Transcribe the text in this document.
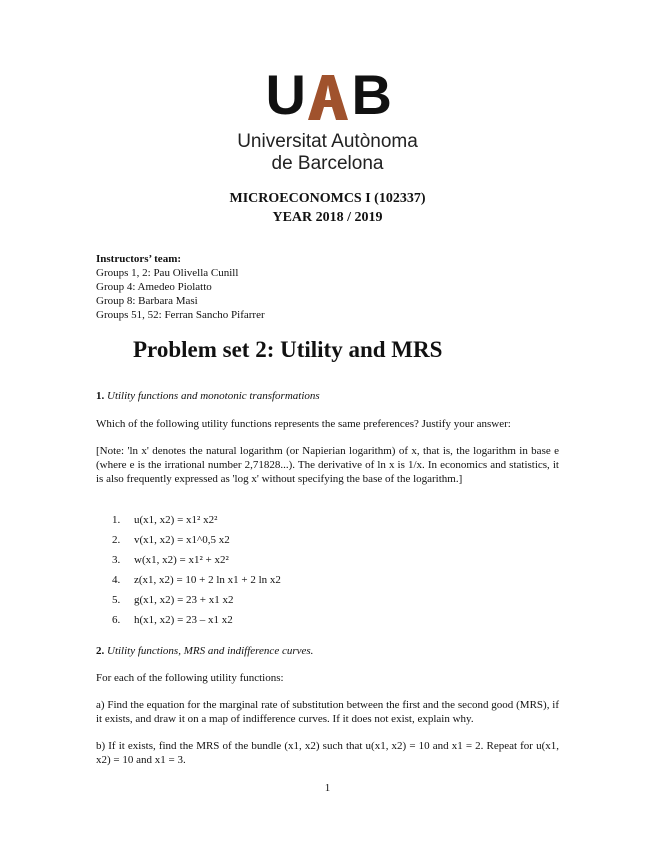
U B
Universitat Autònoma
de Barcelona
MICROECONOMCS I (102337)
YEAR 2018 / 2019
Instructors’ team:
Groups 1, 2: Pau Olivella Cunill
Group 4: Amedeo Piolatto
Group 8: Barbara Masi
Groups 51, 52: Ferran Sancho Pifarrer
Problem set 2: Utility and MRS
1. Utility functions and monotonic transformations
Which of the following utility functions represents the same preferences? Justify your answer:
[Note: 'ln x' denotes the natural logarithm (or Napierian logarithm) of x, that is, the logarithm in base e (where e is the irrational number 2,71828...). The derivative of ln x is 1/x. In economics and statistics, it is also frequently expressed as 'log x' without specifying the base of the logarithm.]
1. u(x1, x2) = x1² x2²
2. v(x1, x2) = x1^0,5 x2
3. w(x1, x2) = x1² + x2²
4. z(x1, x2) = 10 + 2 ln x1 + 2 ln x2
5. g(x1, x2) = 23 + x1 x2
6. h(x1, x2) = 23 – x1 x2
2. Utility functions, MRS and indifference curves.
For each of the following utility functions:
a) Find the equation for the marginal rate of substitution between the first and the second good (MRS), if it exists, and draw it on a map of indifference curves. If it does not exist, explain why.
b) If it exists, find the MRS of the bundle (x1, x2) such that u(x1, x2) = 10 and x1 = 2. Repeat for u(x1, x2) = 10 and x1 = 3.
1
